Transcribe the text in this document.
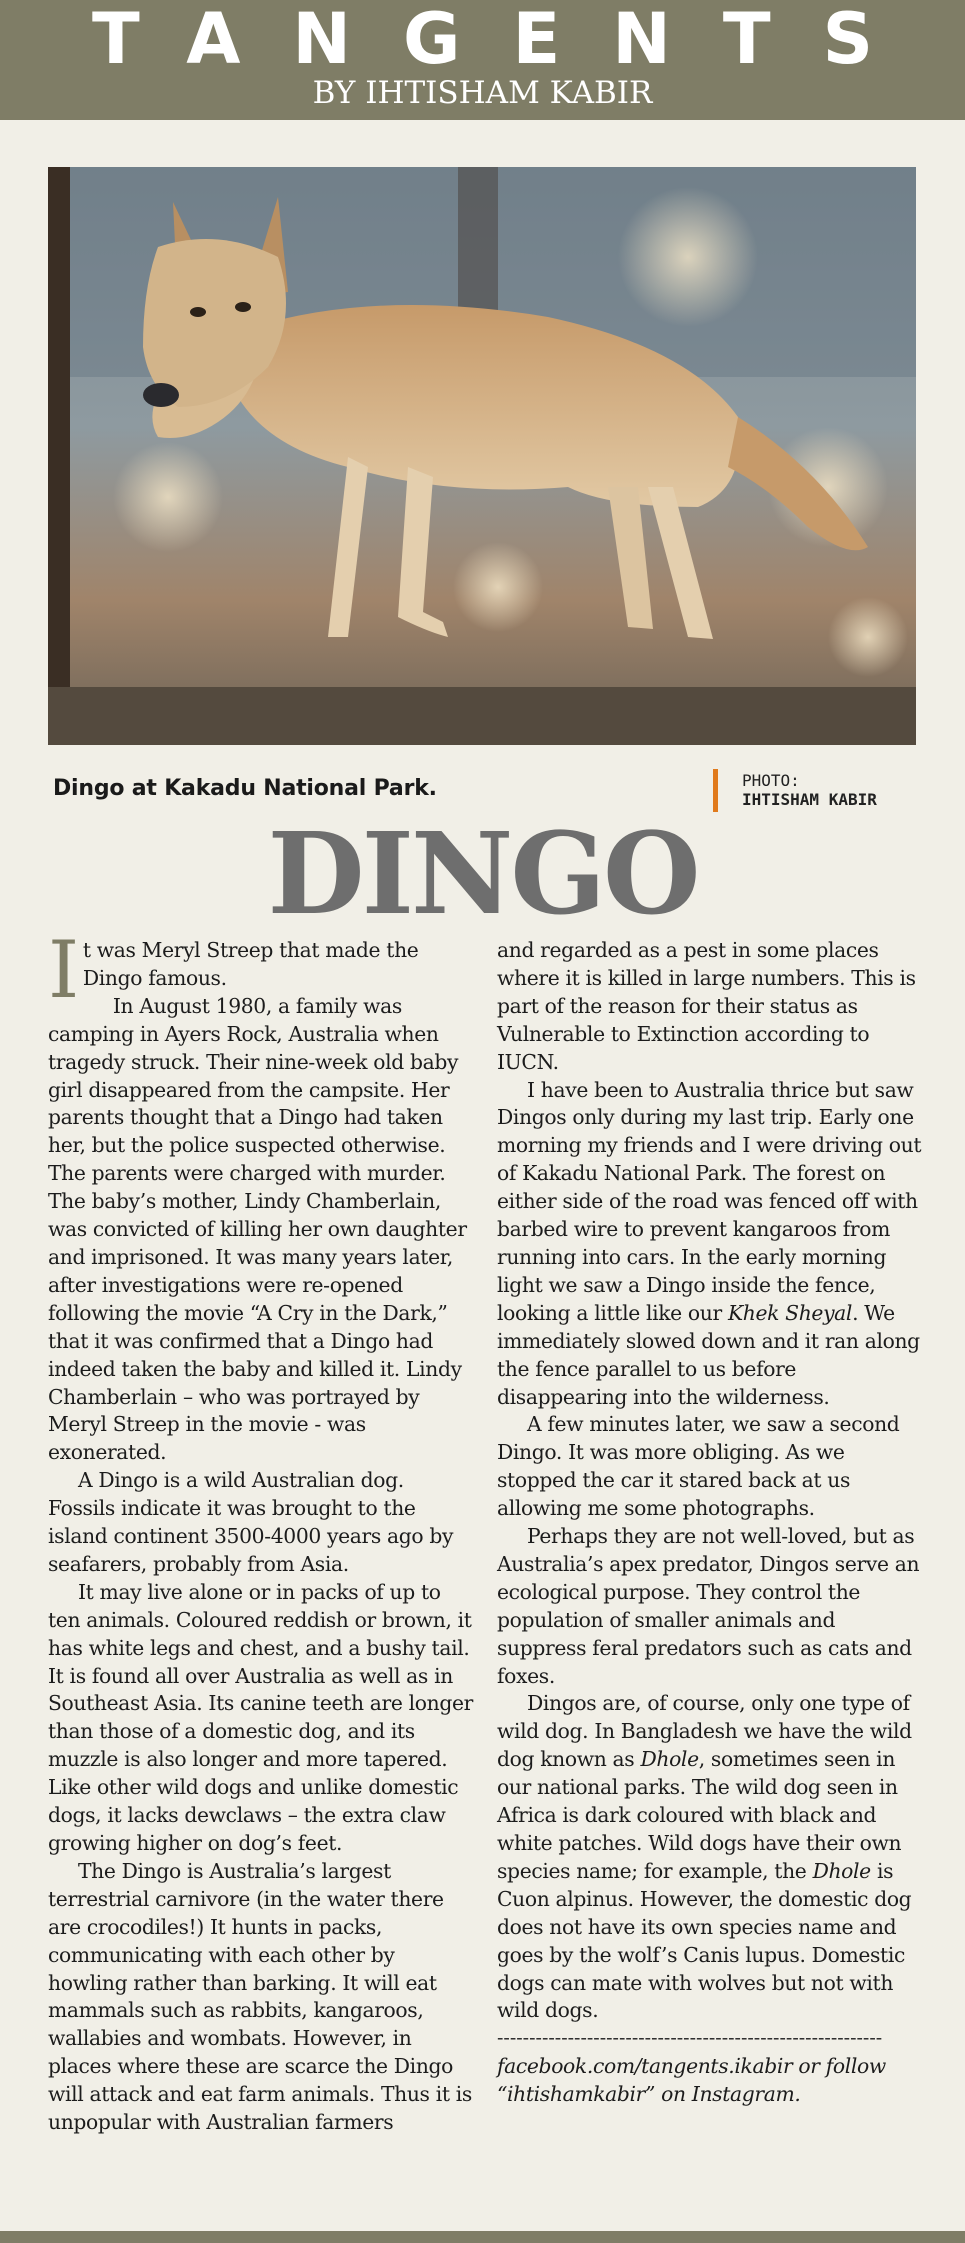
TANGENTS
BY IHTISHAM KABIR
Dingo at Kakadu National Park.	PHOTO:
IHTISHAM KABIR
DINGO

It was Meryl Streep that made the Dingo famous.

In August 1980, a family was camping in Ayers Rock, Australia when tragedy struck. Their nine-week old baby girl disappeared from the campsite. Her parents thought that a Dingo had taken her, but the police suspected otherwise. The parents were charged with murder. The baby’s mother, Lindy Chamberlain, was convicted of killing her own daughter and imprisoned. It was many years later, after investigations were re-opened following the movie “A Cry in the Dark,” that it was confirmed that a Dingo had indeed taken the baby and killed it. Lindy Chamberlain – who was portrayed by Meryl Streep in the movie - was exonerated.

A Dingo is a wild Australian dog. Fossils indicate it was brought to the island continent 3500-4000 years ago by seafarers, probably from Asia.

It may live alone or in packs of up to ten animals. Coloured reddish or brown, it has white legs and chest, and a bushy tail. It is found all over Australia as well as in Southeast Asia. Its canine teeth are longer than those of a domestic dog, and its muzzle is also longer and more tapered. Like other wild dogs and unlike domestic dogs, it lacks dewclaws – the extra claw growing higher on dog’s feet.

The Dingo is Australia’s largest terrestrial carnivore (in the water there are crocodiles!) It hunts in packs, communicating with each other by howling rather than barking. It will eat mammals such as rabbits, kangaroos, wallabies and wombats. However, in places where these are scarce the Dingo will attack and eat farm animals. Thus it is unpopular with Australian farmers

and regarded as a pest in some places where it is killed in large numbers. This is part of the reason for their status as Vulnerable to Extinction according to IUCN.

I have been to Australia thrice but saw Dingos only during my last trip. Early one morning my friends and I were driving out of Kakadu National Park. The forest on either side of the road was fenced off with barbed wire to prevent kangaroos from running into cars. In the early morning light we saw a Dingo inside the fence, looking a little like our Khek Sheyal. We immediately slowed down and it ran along the fence parallel to us before disappearing into the wilderness.

A few minutes later, we saw a second Dingo. It was more obliging. As we stopped the car it stared back at us allowing me some photographs.

Perhaps they are not well-loved, but as Australia’s apex predator, Dingos serve an ecological purpose. They control the population of smaller animals and suppress feral predators such as cats and foxes.

Dingos are, of course, only one type of wild dog. In Bangladesh we have the wild dog known as Dhole, sometimes seen in our national parks. The wild dog seen in Africa is dark coloured with black and white patches. Wild dogs have their own species name; for example, the Dhole is Cuon alpinus. However, the domestic dog does not have its own species name and goes by the wolf’s Canis lupus. Domestic dogs can mate with wolves but not with wild dogs.

------------------------------------------------------------

facebook.com/tangents.ikabir or follow “ihtishamkabir” on Instagram.
